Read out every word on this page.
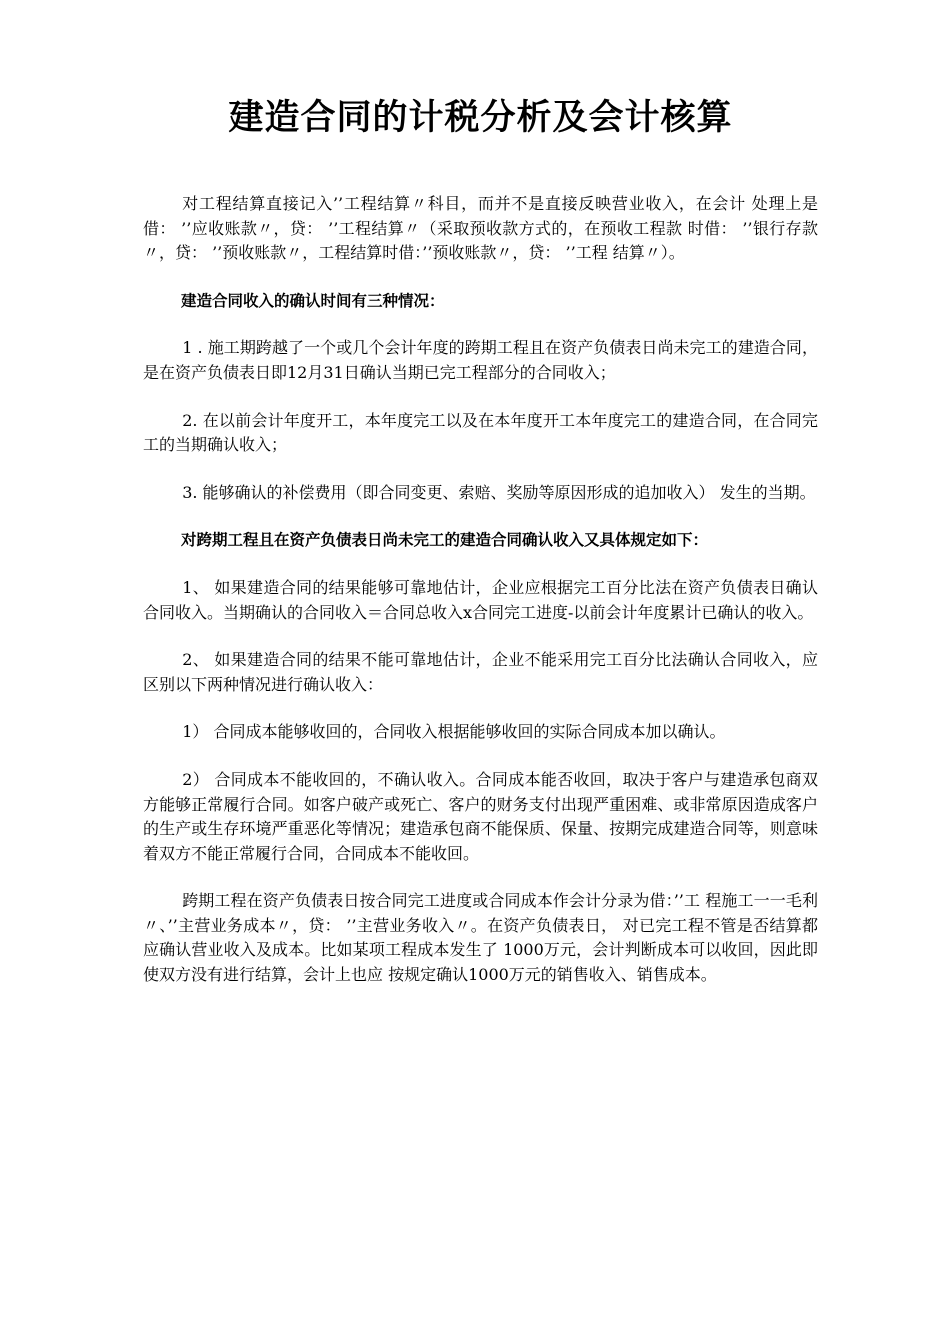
建造合同的计税分析及会计核算

对工程结算直接记入’’工程结算〃科目，而并不是直接反映营业收入，在会计 处理上是借： ’’应收账款〃，贷： ’’工程结算〃（采取预收款方式的，在预收工程款 时借： ’’银行存款〃，贷： ’’预收账款〃，工程结算时借：’’预收账款〃，贷： ’’工程 结算〃）。

建造合同收入的确认时间有三种情况：

1 . 施工期跨越了一个或几个会计年度的跨期工程且在资产负债表日尚未完工的建造合同，是在资产负债表日即12月31日确认当期已完工程部分的合同收入；

2. 在以前会计年度开工，本年度完工以及在本年度开工本年度完工的建造合同，在合同完工的当期确认收入；

3. 能够确认的补偿费用（即合同变更、索赔、奖励等原因形成的追加收入） 发生的当期。

对跨期工程且在资产负债表日尚未完工的建造合同确认收入又具体规定如下：

1、 如果建造合同的结果能够可靠地估计，企业应根据完工百分比法在资产负债表日确认合同收入。当期确认的合同收入＝合同总收入x合同完工进度-以前会计年度累计已确认的收入。

2、 如果建造合同的结果不能可靠地估计，企业不能采用完工百分比法确认合同收入，应区别以下两种情况进行确认收入：

1） 合同成本能够收回的，合同收入根据能够收回的实际合同成本加以确认。

2） 合同成本不能收回的，不确认收入。合同成本能否收回，取决于客户与建造承包商双方能够正常履行合同。如客户破产或死亡、客户的财务支付出现严重困难、或非常原因造成客户的生产或生存环境严重恶化等情况；建造承包商不能保质、保量、按期完成建造合同等，则意味着双方不能正常履行合同，合同成本不能收回。

跨期工程在资产负债表日按合同完工进度或合同成本作会计分录为借：’’工 程施工一一毛利〃、’’主营业务成本〃，贷： ’’主营业务收入〃。在资产负债表日， 对已完工程不管是否结算都应确认营业收入及成本。比如某项工程成本发生了 1000万元，会计判断成本可以收回，因此即使双方没有进行结算，会计上也应 按规定确认1000万元的销售收入、销售成本。
